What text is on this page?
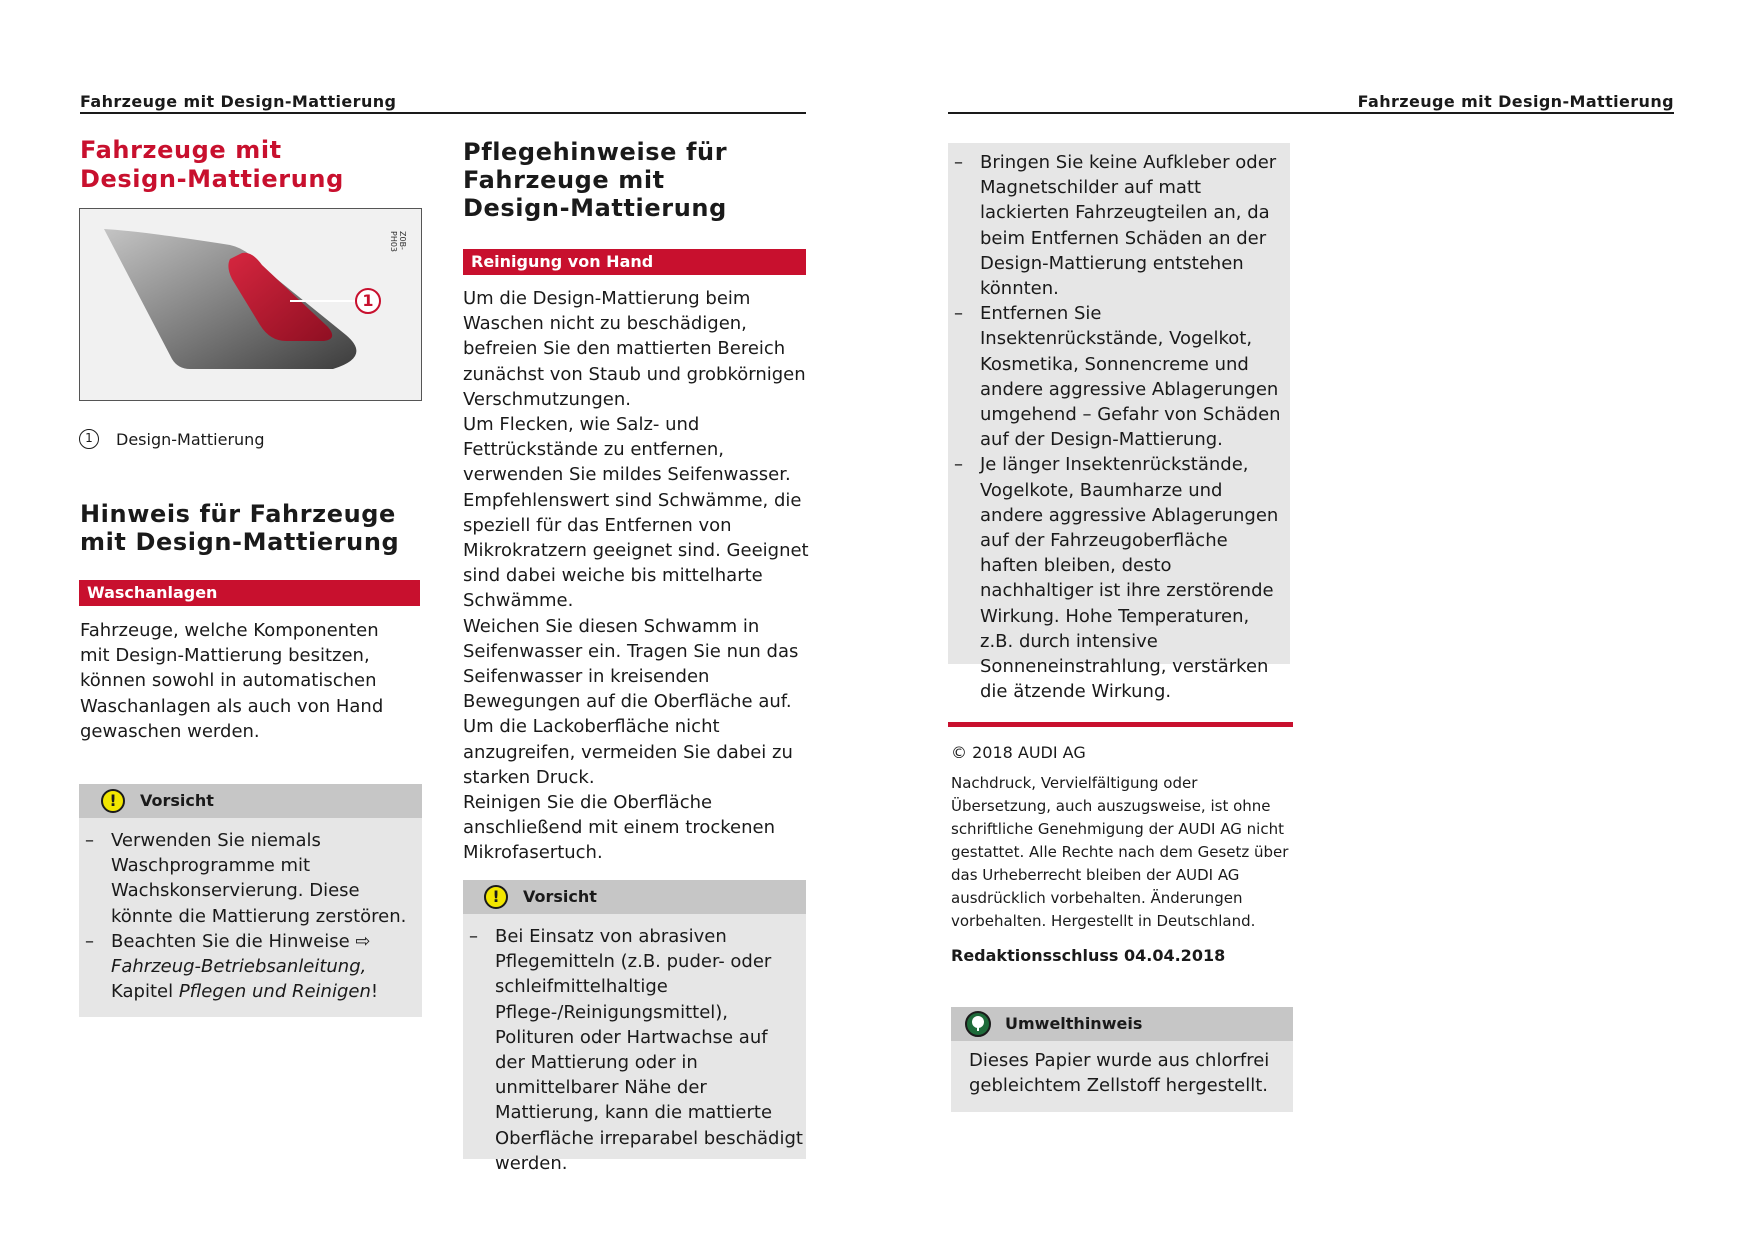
Fahrzeuge mit Design-Mattierung
Fahrzeuge mit Design-Mattierung
1
Z0B-PH03
1	Design-Mattierung
Hinweis für Fahrzeuge mit Design-Mattierung
Waschanlagen

Fahrzeuge, welche Komponenten mit Design-Mattierung besitzen, können sowohl in automatischen Waschanlagen als auch von Hand gewaschen werden.

!	Vorsicht
– Verwenden Sie niemals Waschprogramme mit Wachskonservierung. Diese könnte die Mattierung zerstören.
– Beachten Sie die Hinweise ⇨ Fahrzeug-Betriebsanleitung, Kapitel Pflegen und Reinigen!
Pflegehinweise für Fahrzeuge mit Design-Mattierung
Reinigung von Hand

Um die Design-Mattierung beim Waschen nicht zu beschädigen, befreien Sie den mattierten Bereich zunächst von Staub und grobkörnigen Verschmutzungen.

Um Flecken, wie Salz- und Fettrückstände zu entfernen, verwenden Sie mildes Seifenwasser. Empfehlenswert sind Schwämme, die speziell für das Entfernen von Mikrokratzern geeignet sind. Geeignet sind dabei weiche bis mittelharte Schwämme.

Weichen Sie diesen Schwamm in Seifenwasser ein. Tragen Sie nun das Seifenwasser in kreisenden Bewegungen auf die Oberfläche auf. Um die Lackoberfläche nicht anzugreifen, vermeiden Sie dabei zu starken Druck.

Reinigen Sie die Oberfläche anschließend mit einem trockenen Mikrofasertuch.

!	Vorsicht
– Bei Einsatz von abrasiven Pflegemitteln (z.B. puder- oder schleifmittelhaltige Pflege-/Reinigungsmittel), Polituren oder Hartwachse auf der Mattierung oder in unmittelbarer Nähe der Mattierung, kann die mattierte Oberfläche irreparabel beschädigt werden.
Fahrzeuge mit Design-Mattierung
– Bringen Sie keine Aufkleber oder Magnetschilder auf matt lackierten Fahrzeugteilen an, da beim Entfernen Schäden an der Design-Mattierung entstehen könnten.
– Entfernen Sie Insektenrückstände, Vogelkot, Kosmetika, Sonnencreme und andere aggressive Ablagerungen umgehend – Gefahr von Schäden auf der Design-Mattierung.
– Je länger Insektenrückstände, Vogelkote, Baumharze und andere aggressive Ablagerungen auf der Fahrzeugoberfläche haften bleiben, desto nachhaltiger ist ihre zerstörende Wirkung. Hohe Temperaturen, z.B. durch intensive Sonneneinstrahlung, verstärken die ätzende Wirkung.
© 2018 AUDI AG
Nachdruck, Vervielfältigung oder Übersetzung, auch auszugsweise, ist ohne schriftliche Genehmigung der AUDI AG nicht gestattet. Alle Rechte nach dem Gesetz über das Urheberrecht bleiben der AUDI AG ausdrücklich vorbehalten. Änderungen vorbehalten. Hergestellt in Deutschland.
Redaktionsschluss 04.04.2018
Umwelthinweis
Dieses Papier wurde aus chlorfrei gebleichtem Zellstoff hergestellt.
